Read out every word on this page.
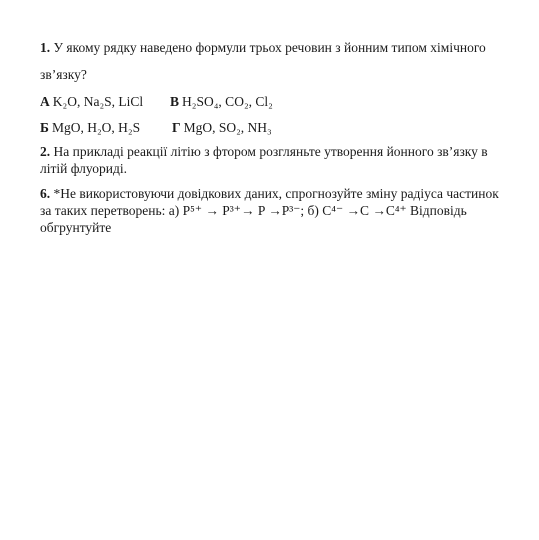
1. У якому рядку наведено формули трьох речовин з йонним типом хімічного
зв’язку?
А K₂O, Na₂S, LiCl В H₂SO₄, CO₂, Cl₂
Б MgO, H₂O, H₂S Г MgO, SO₂, NH₃
2. На прикладі реакції літію з фтором розгляньте утворення йонного зв’язку в
літій флуориді.
6. *Не використовуючи довідкових даних, спрогнозуйте зміну радіуса частинок
за таких перетворень: а) P⁵⁺ → P³⁺→ P →P³⁻; б) C⁴⁻ →C →C⁴⁺ Відповідь
обгрунтуйте
